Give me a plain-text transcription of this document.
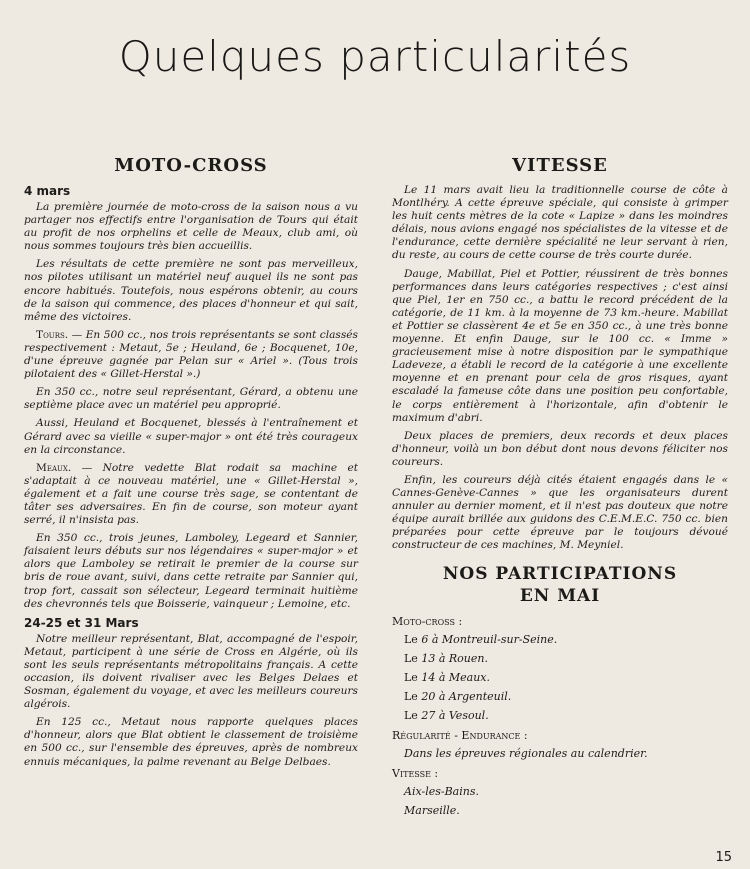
Quelques particularités
MOTO-CROSS
4 mars

La première journée de moto-cross de la saison nous a vu partager nos effectifs entre l'organisation de Tours qui était au profit de nos orphelins et celle de Meaux, club ami, où nous sommes toujours très bien accueillis.

Les résultats de cette première ne sont pas merveilleux, nos pilotes utilisant un matériel neuf auquel ils ne sont pas encore habitués. Toutefois, nous espérons obtenir, au cours de la saison qui commence, des places d'honneur et qui sait, même des victoires.

Tours. — En 500 cc., nos trois représentants se sont classés respectivement : Metaut, 5e ; Heuland, 6e ; Bocquenet, 10e, d'une épreuve gagnée par Pelan sur « Ariel ». (Tous trois pilotaient des « Gillet-Herstal ».)

En 350 cc., notre seul représentant, Gérard, a obtenu une septième place avec un matériel peu approprié.

Aussi, Heuland et Bocquenet, blessés à l'entraînement et Gérard avec sa vieille « super-major » ont été très courageux en la circonstance.

Meaux. — Notre vedette Blat rodait sa machine et s'adaptait à ce nouveau matériel, une « Gillet-Herstal », également et a fait une course très sage, se contentant de tâter ses adversaires. En fin de course, son moteur ayant serré, il n'insista pas.

En 350 cc., trois jeunes, Lamboley, Legeard et Sannier, faisaient leurs débuts sur nos légendaires « super-major » et alors que Lamboley se retirait le premier de la course sur bris de roue avant, suivi, dans cette retraite par Sannier qui, trop fort, cassait son sélecteur, Legeard terminait huitième des chevronnés tels que Boisserie, vainqueur ; Lemoine, etc.

24-25 et 31 Mars

Notre meilleur représentant, Blat, accompagné de l'espoir, Metaut, participent à une série de Cross en Algérie, où ils sont les seuls représentants métropolitains français. A cette occasion, ils doivent rivaliser avec les Belges Delaes et Sosman, également du voyage, et avec les meilleurs coureurs algérois.

En 125 cc., Metaut nous rapporte quelques places d'honneur, alors que Blat obtient le classement de troisième en 500 cc., sur l'ensemble des épreuves, après de nombreux ennuis mécaniques, la palme revenant au Belge Delbaes.

VITESSE

Le 11 mars avait lieu la traditionnelle course de côte à Montlhéry. A cette épreuve spéciale, qui consiste à grimper les huit cents mètres de la cote « Lapize » dans les moindres délais, nous avions engagé nos spécialistes de la vitesse et de l'endurance, cette dernière spécialité ne leur servant à rien, du reste, au cours de cette course de très courte durée.

Dauge, Mabillat, Piel et Pottier, réussirent de très bonnes performances dans leurs catégories respectives ; c'est ainsi que Piel, 1er en 750 cc., a battu le record précédent de la catégorie, de 11 km. à la moyenne de 73 km.-heure. Mabillat et Pottier se classèrent 4e et 5e en 350 cc., à une très bonne moyenne. Et enfin Dauge, sur le 100 cc. « Imme » gracieusement mise à notre disposition par le sympathique Ladeveze, a établi le record de la catégorie à une excellente moyenne et en prenant pour cela de gros risques, ayant escaladé la fameuse côte dans une position peu confortable, le corps entièrement à l'horizontale, afin d'obtenir le maximum d'abri.

Deux places de premiers, deux records et deux places d'honneur, voilà un bon début dont nous devons féliciter nos coureurs.

Enfin, les coureurs déjà cités étaient engagés dans le « Cannes-Genève-Cannes » que les organisateurs durent annuler au dernier moment, et il n'est pas douteux que notre équipe aurait brillée aux guidons des C.E.M.E.C. 750 cc. bien préparées pour cette épreuve par le toujours dévoué constructeur de ces machines, M. Meyniel.

NOS PARTICIPATIONS
EN MAI
Moto-cross :
Le 6 à Montreuil-sur-Seine.
Le 13 à Rouen.
Le 14 à Meaux.
Le 20 à Argenteuil.
Le 27 à Vesoul.
Régularité - Endurance :
Dans les épreuves régionales au calendrier.
Vitesse :
Aix-les-Bains.
Marseille.
15
